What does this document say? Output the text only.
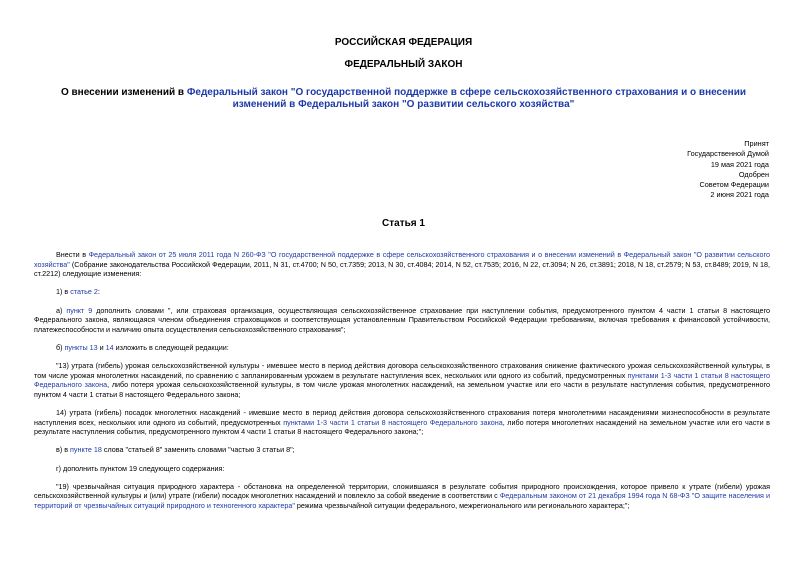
РОССИЙСКАЯ ФЕДЕРАЦИЯ
ФЕДЕРАЛЬНЫЙ ЗАКОН
О внесении изменений в Федеральный закон "О государственной поддержке в сфере сельскохозяйственного страхования и о внесении изменений в Федеральный закон "О развитии сельского хозяйства"
Принят
Государственной Думой
19 мая 2021 года
Одобрен
Советом Федерации
2 июня 2021 года
Статья 1

Внести в Федеральный закон от 25 июля 2011 года N 260-ФЗ "О государственной поддержке в сфере сельскохозяйственного страхования и о внесении изменений в Федеральный закон "О развитии сельского хозяйства" (Собрание законодательства Российской Федерации, 2011, N 31, ст.4700; N 50, ст.7359; 2013, N 30, ст.4084; 2014, N 52, ст.7535; 2016, N 22, ст.3094; N 26, ст.3891; 2018, N 18, ст.2579; N 53, ст.8489; 2019, N 18, ст.2212) следующие изменения:

1) в статье 2:

а) пункт 9 дополнить словами ", или страховая организация, осуществляющая сельскохозяйственное страхование при наступлении события, предусмотренного пунктом 4 части 1 статьи 8 настоящего Федерального закона, являющаяся членом объединения страховщиков и соответствующая установленным Правительством Российской Федерации требованиям, включая требования к финансовой устойчивости, платежеспособности и наличию опыта осуществления сельскохозяйственного страхования";

б) пункты 13 и 14 изложить в следующей редакции:

"13) утрата (гибель) урожая сельскохозяйственной культуры - имевшее место в период действия договора сельскохозяйственного страхования снижение фактического урожая сельскохозяйственной культуры, в том числе урожая многолетних насаждений, по сравнению с запланированным урожаем в результате наступления всех, нескольких или одного из событий, предусмотренных пунктами 1-3 части 1 статьи 8 настоящего Федерального закона, либо потеря урожая сельскохозяйственной культуры, в том числе урожая многолетних насаждений, на земельном участке или его части в результате наступления события, предусмотренного пунктом 4 части 1 статьи 8 настоящего Федерального закона;

14) утрата (гибель) посадок многолетних насаждений - имевшие место в период действия договора сельскохозяйственного страхования потеря многолетними насаждениями жизнеспособности в результате наступления всех, нескольких или одного из событий, предусмотренных пунктами 1-3 части 1 статьи 8 настоящего Федерального закона, либо потеря многолетних насаждений на земельном участке или его части в результате наступления события, предусмотренного пунктом 4 части 1 статьи 8 настоящего Федерального закона;";

в) в пункте 18 слова "статьей 8" заменить словами "частью 3 статьи 8";

г) дополнить пунктом 19 следующего содержания:

"19) чрезвычайная ситуация природного характера - обстановка на определенной территории, сложившаяся в результате события природного происхождения, которое привело к утрате (гибели) урожая сельскохозяйственной культуры и (или) утрате (гибели) посадок многолетних насаждений и повлекло за собой введение в соответствии с Федеральным законом от 21 декабря 1994 года N 68-ФЗ "О защите населения и территорий от чрезвычайных ситуаций природного и техногенного характера" режима чрезвычайной ситуации федерального, межрегионального или регионального характера;";
